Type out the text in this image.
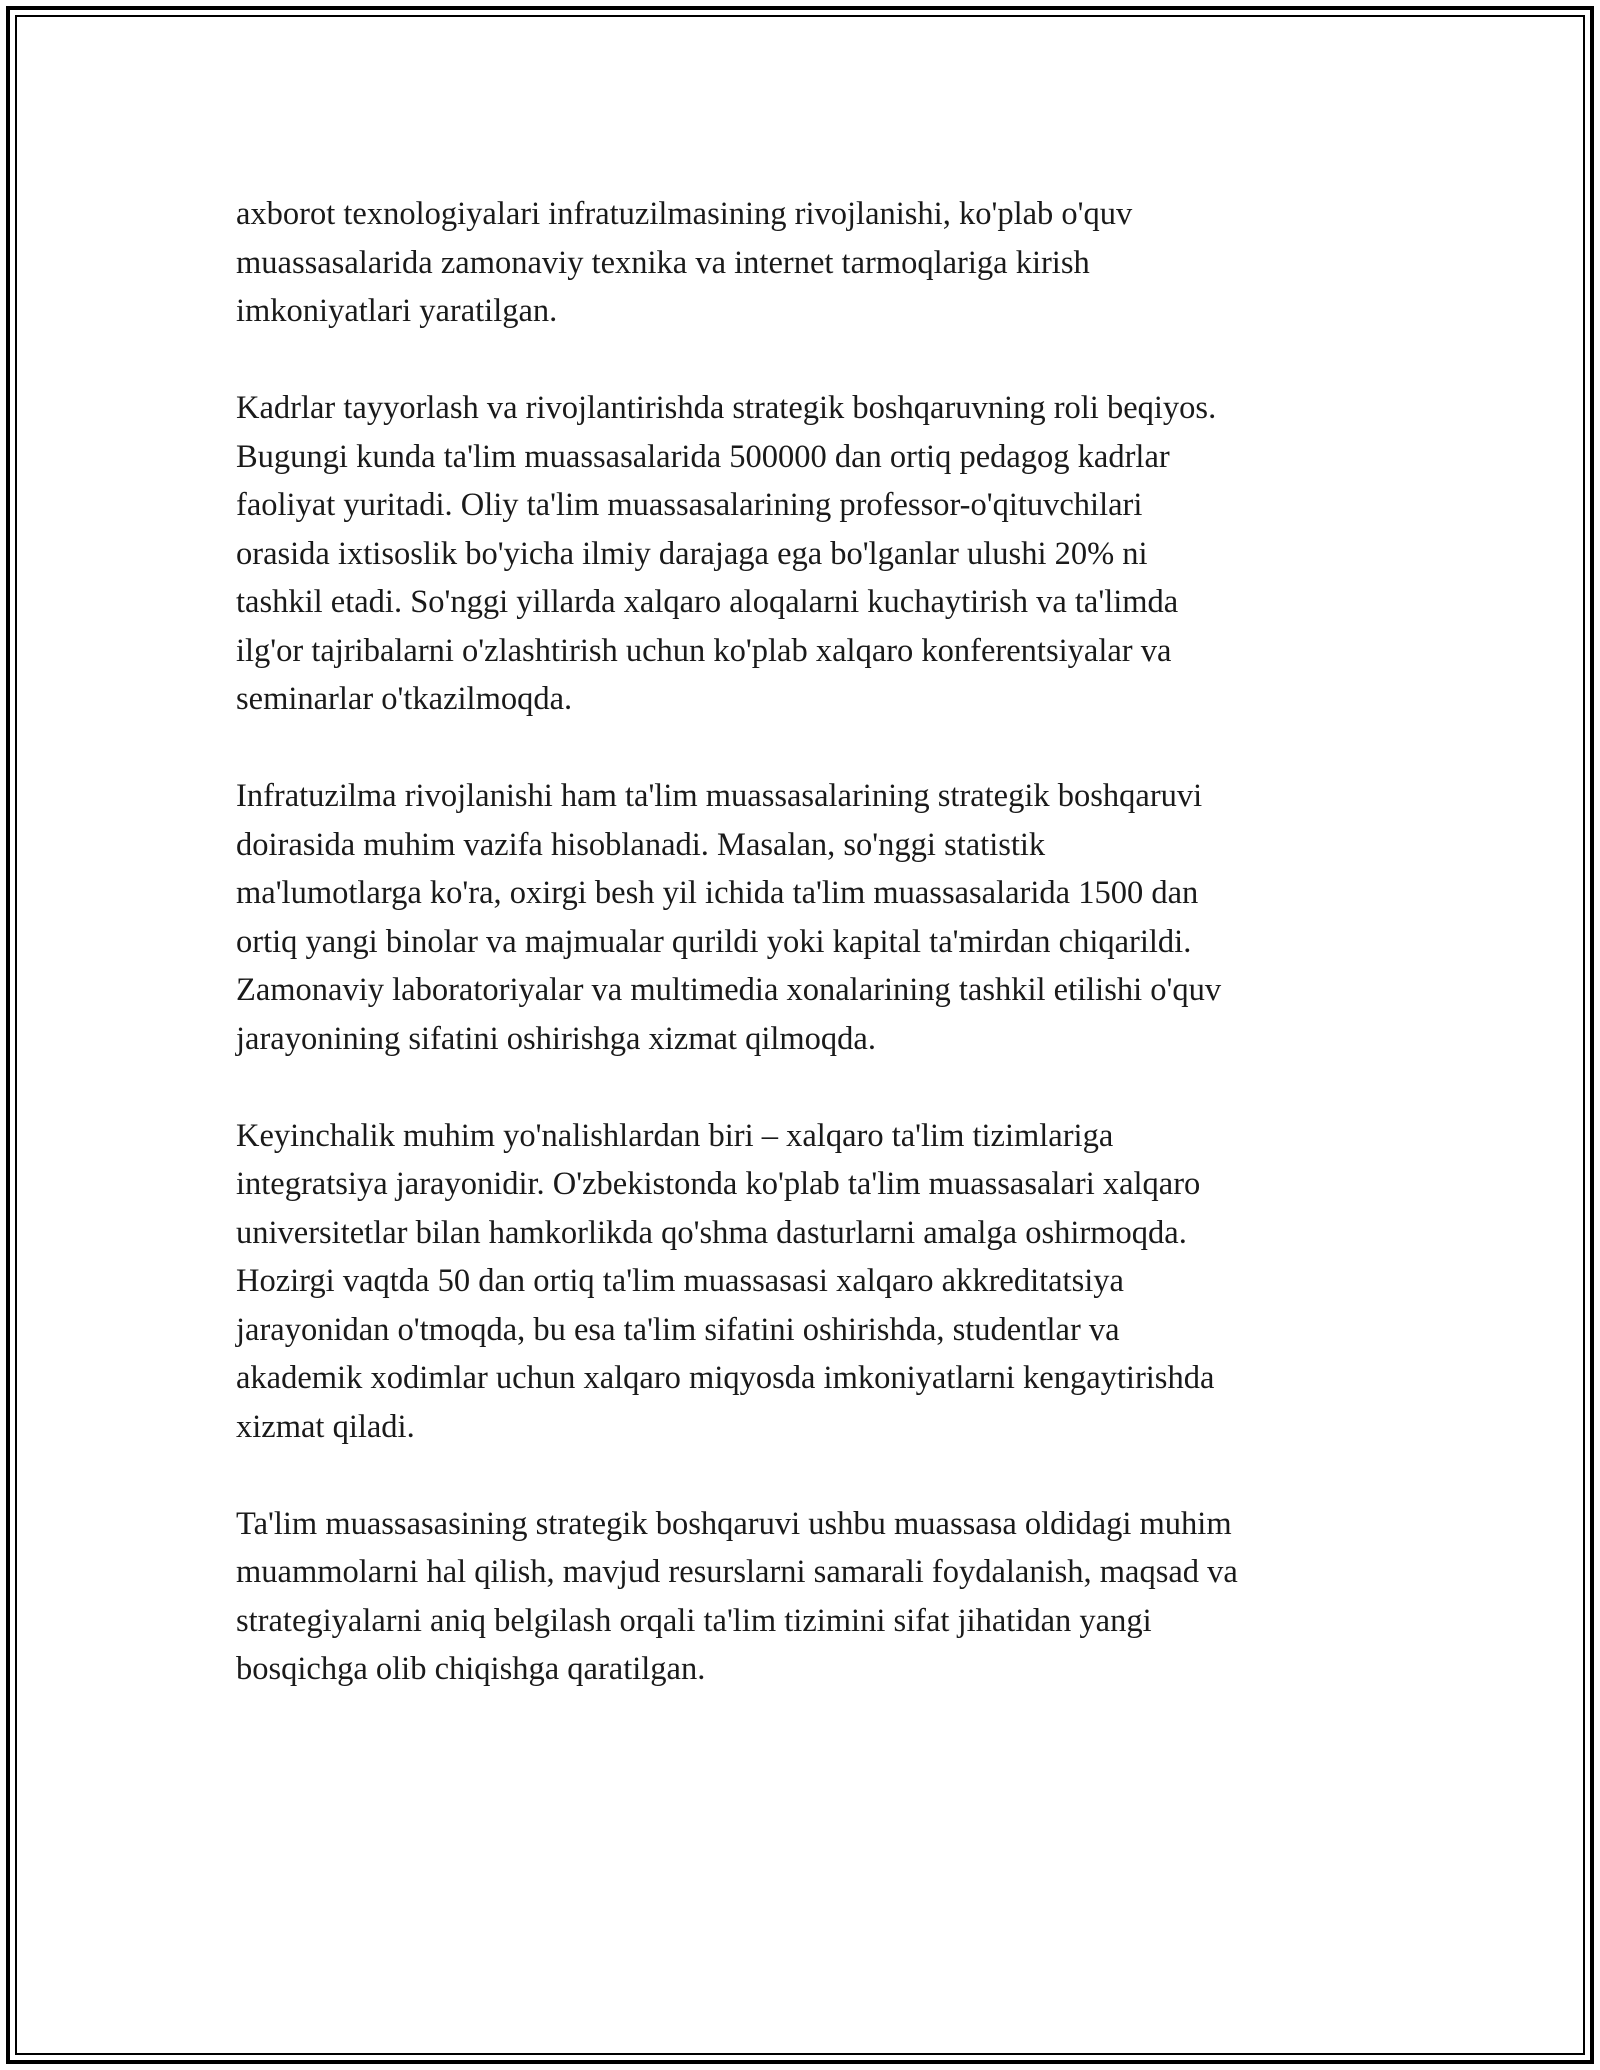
axborot texnologiyalari infratuzilmasining rivojlanishi, ko'plab o'quv
muassasalarida zamonaviy texnika va internet tarmoqlariga kirish
imkoniyatlari yaratilgan.

Kadrlar tayyorlash va rivojlantirishda strategik boshqaruvning roli beqiyos.
Bugungi kunda ta'lim muassasalarida 500000 dan ortiq pedagog kadrlar
faoliyat yuritadi. Oliy ta'lim muassasalarining professor-o'qituvchilari
orasida ixtisoslik bo'yicha ilmiy darajaga ega bo'lganlar ulushi 20% ni
tashkil etadi. So'nggi yillarda xalqaro aloqalarni kuchaytirish va ta'limda
ilg'or tajribalarni o'zlashtirish uchun ko'plab xalqaro konferentsiyalar va
seminarlar o'tkazilmoqda.

Infratuzilma rivojlanishi ham ta'lim muassasalarining strategik boshqaruvi
doirasida muhim vazifa hisoblanadi. Masalan, so'nggi statistik
ma'lumotlarga ko'ra, oxirgi besh yil ichida ta'lim muassasalarida 1500 dan
ortiq yangi binolar va majmualar qurildi yoki kapital ta'mirdan chiqarildi.
Zamonaviy laboratoriyalar va multimedia xonalarining tashkil etilishi o'quv
jarayonining sifatini oshirishga xizmat qilmoqda.

Keyinchalik muhim yo'nalishlardan biri – xalqaro ta'lim tizimlariga
integratsiya jarayonidir. O'zbekistonda ko'plab ta'lim muassasalari xalqaro
universitetlar bilan hamkorlikda qo'shma dasturlarni amalga oshirmoqda.
Hozirgi vaqtda 50 dan ortiq ta'lim muassasasi xalqaro akkreditatsiya
jarayonidan o'tmoqda, bu esa ta'lim sifatini oshirishda, studentlar va
akademik xodimlar uchun xalqaro miqyosda imkoniyatlarni kengaytirishda
xizmat qiladi.

Ta'lim muassasasining strategik boshqaruvi ushbu muassasa oldidagi muhim
muammolarni hal qilish, mavjud resurslarni samarali foydalanish, maqsad va
strategiyalarni aniq belgilash orqali ta'lim tizimini sifat jihatidan yangi
bosqichga olib chiqishga qaratilgan.
